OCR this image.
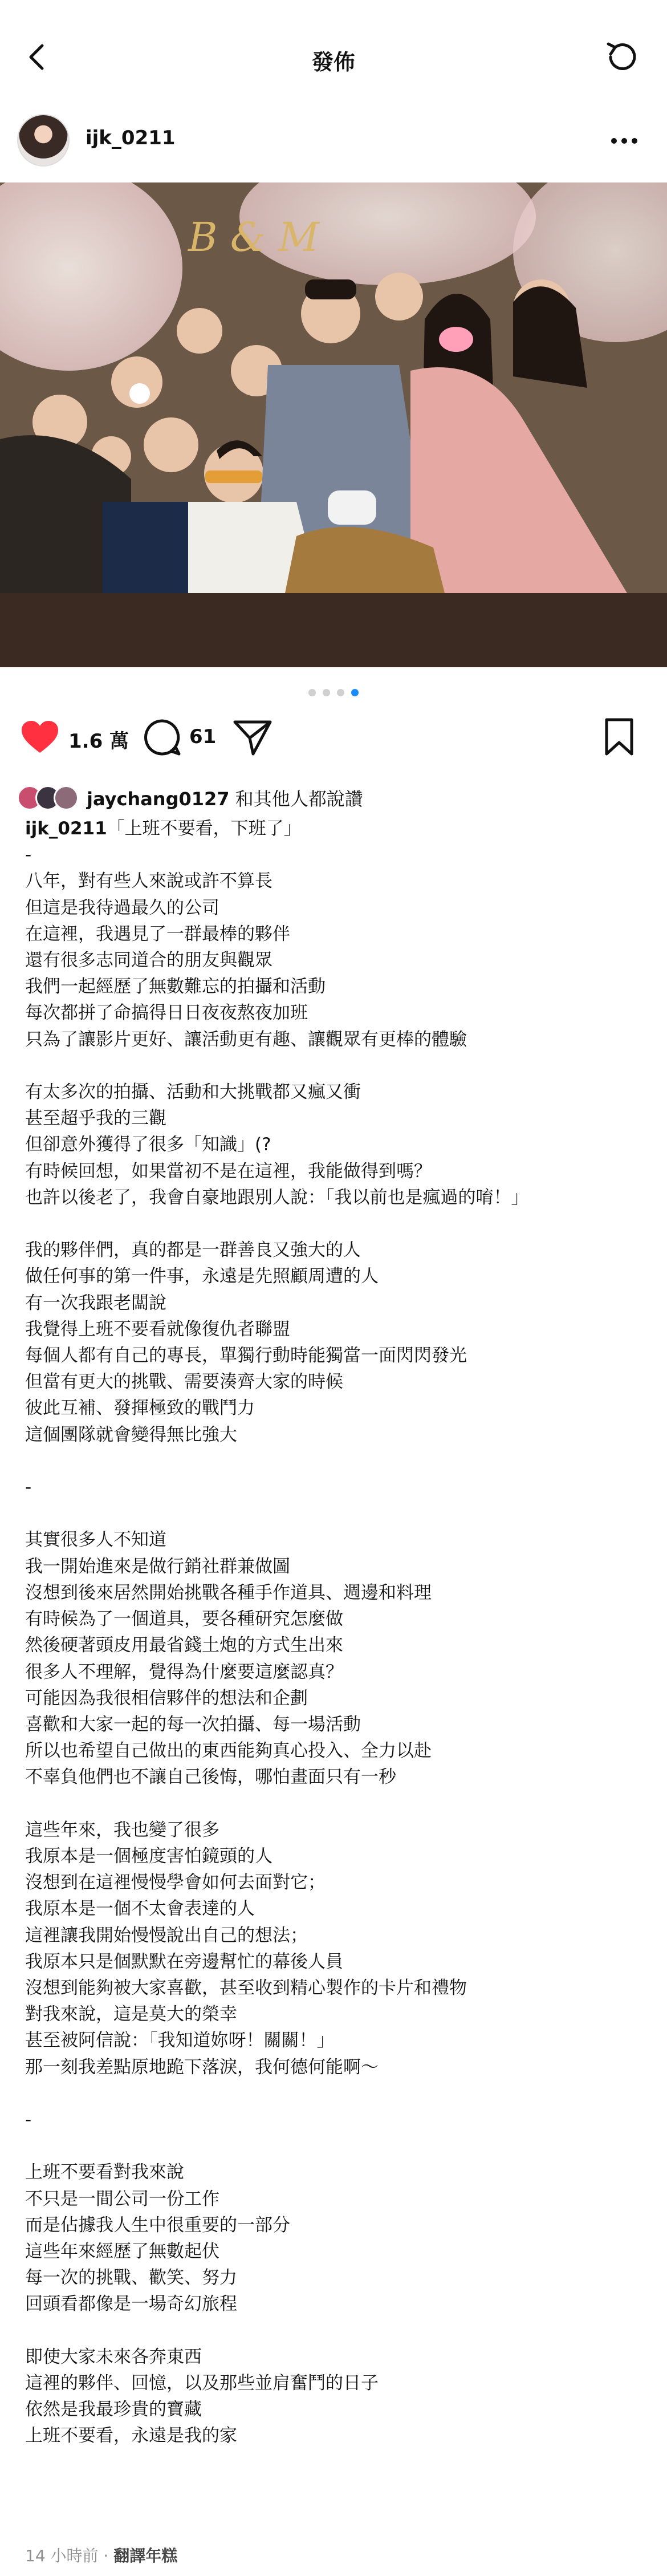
發佈
ijk_0211
B & M
1.6 萬	61
jaychang0127 和其他人都說讚
ijk_0211「上班不要看，下班了」
-
八年，對有些人來說或許不算長
但這是我待過最久的公司
在這裡，我遇見了一群最棒的夥伴
還有很多志同道合的朋友與觀眾
我們一起經歷了無數難忘的拍攝和活動
每次都拼了命搞得日日夜夜熬夜加班
只為了讓影片更好、讓活動更有趣、讓觀眾有更棒的體驗

有太多次的拍攝、活動和大挑戰都又瘋又衝
甚至超乎我的三觀
但卻意外獲得了很多「知識」(?
有時候回想，如果當初不是在這裡，我能做得到嗎？
也許以後老了，我會自豪地跟別人說：「我以前也是瘋過的唷！」

我的夥伴們，真的都是一群善良又強大的人
做任何事的第一件事，永遠是先照顧周遭的人
有一次我跟老闆說
我覺得上班不要看就像復仇者聯盟
每個人都有自己的專長，單獨行動時能獨當一面閃閃發光
但當有更大的挑戰、需要湊齊大家的時候
彼此互補、發揮極致的戰鬥力
這個團隊就會變得無比強大

-

其實很多人不知道
我一開始進來是做行銷社群兼做圖
沒想到後來居然開始挑戰各種手作道具、週邊和料理
有時候為了一個道具，要各種研究怎麼做
然後硬著頭皮用最省錢土炮的方式生出來
很多人不理解，覺得為什麼要這麼認真？
可能因為我很相信夥伴的想法和企劃
喜歡和大家一起的每一次拍攝、每一場活動
所以也希望自己做出的東西能夠真心投入、全力以赴
不辜負他們也不讓自己後悔，哪怕畫面只有一秒

這些年來，我也變了很多
我原本是一個極度害怕鏡頭的人
沒想到在這裡慢慢學會如何去面對它；
我原本是一個不太會表達的人
這裡讓我開始慢慢說出自己的想法；
我原本只是個默默在旁邊幫忙的幕後人員
沒想到能夠被大家喜歡，甚至收到精心製作的卡片和禮物
對我來說，這是莫大的榮幸
甚至被阿信說：「我知道妳呀！關關！」
那一刻我差點原地跪下落淚，我何德何能啊～

-

上班不要看對我來說
不只是一間公司一份工作
而是佔據我人生中很重要的一部分
這些年來經歷了無數起伏
每一次的挑戰、歡笑、努力
回頭看都像是一場奇幻旅程

即使大家未來各奔東西
這裡的夥伴、回憶，以及那些並肩奮鬥的日子
依然是我最珍貴的寶藏
上班不要看，永遠是我的家
14 小時前 · 翻譯年糕
